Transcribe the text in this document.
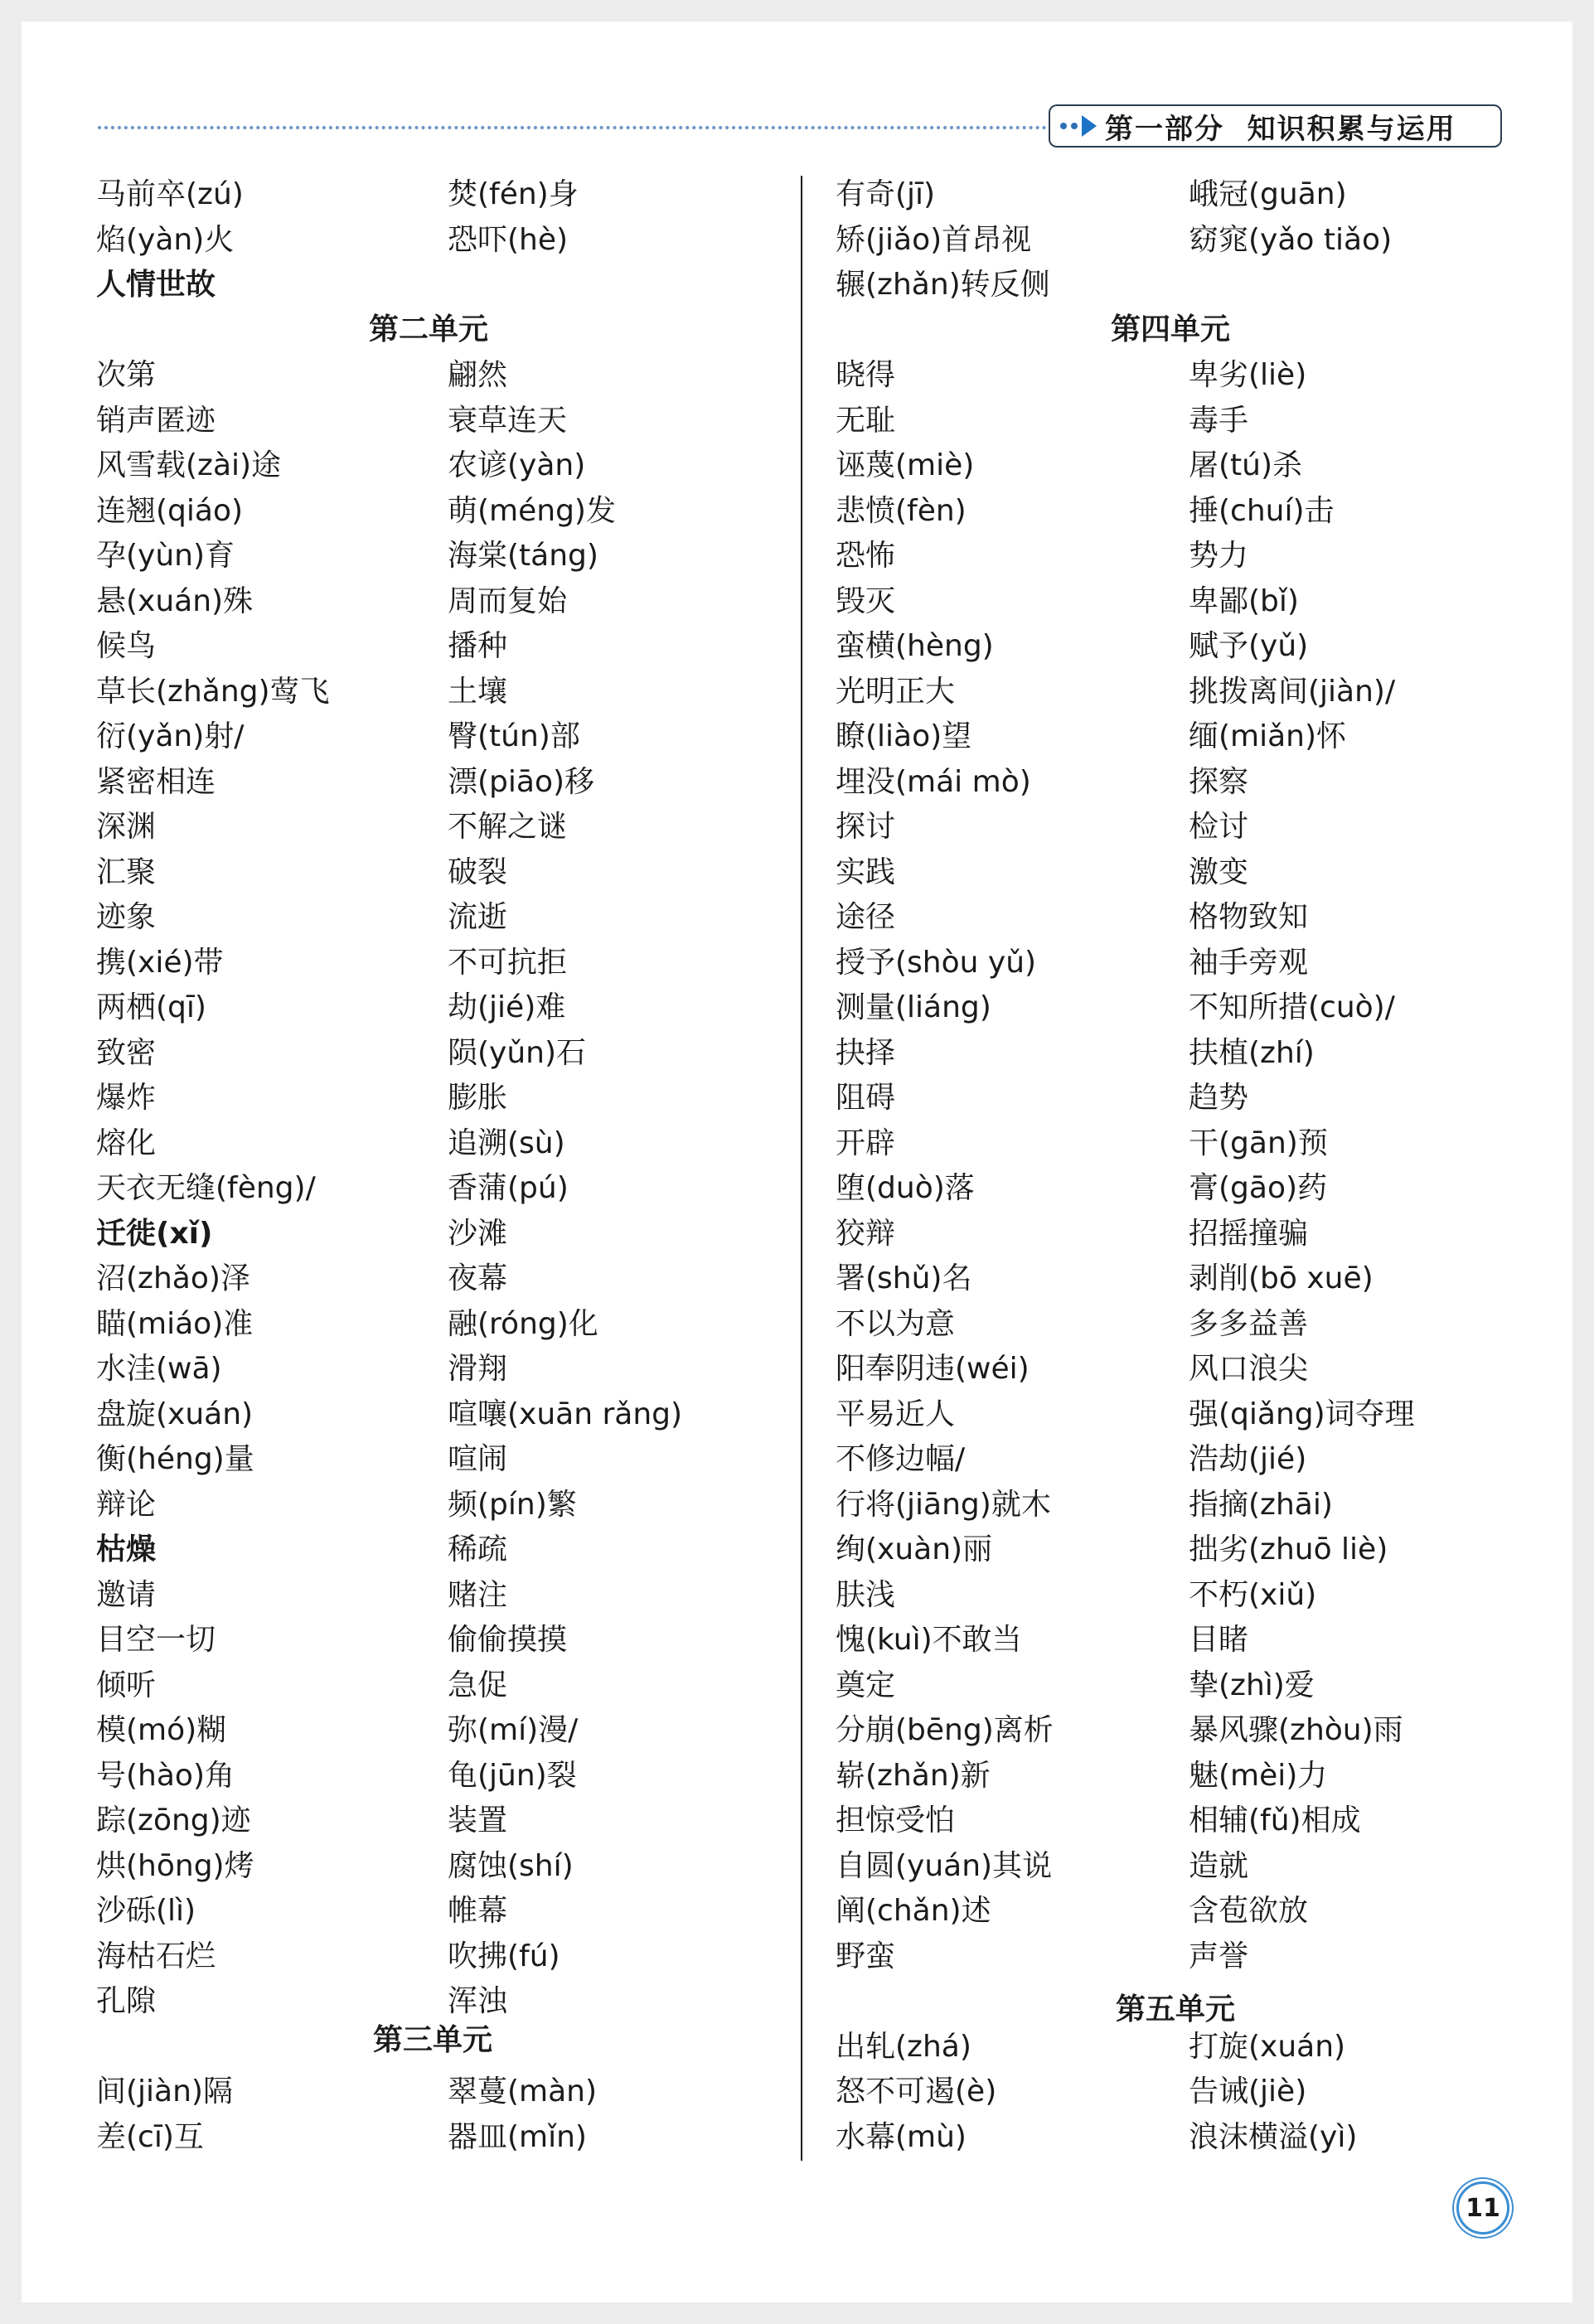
第一部分  知识积累与运用
马前卒(zú)
焰(yàn)火
人情世故
次第
销声匿迹
风雪载(zài)途
连翘(qiáo)
孕(yùn)育
悬(xuán)殊
候鸟
草长(zhǎng)莺飞
衍(yǎn)射/
紧密相连
深渊
汇聚
迹象
携(xié)带
两栖(qī)
致密
爆炸
熔化
天衣无缝(fèng)/
迁徙(xǐ)
沼(zhǎo)泽
瞄(miáo)准
水洼(wā)
盘旋(xuán)
衡(héng)量
辩论
枯燥
邀请
目空一切
倾听
模(mó)糊
号(hào)角
踪(zōng)迹
烘(hōng)烤
沙砾(lì)
海枯石烂
孔隙
间(jiàn)隔
差(cī)互
焚(fén)身
恐吓(hè)
翩然
衰草连天
农谚(yàn)
萌(méng)发
海棠(táng)
周而复始
播种
土壤
臀(tún)部
漂(piāo)移
不解之谜
破裂
流逝
不可抗拒
劫(jié)难
陨(yǔn)石
膨胀
追溯(sù)
香蒲(pú)
沙滩
夜幕
融(róng)化
滑翔
喧嚷(xuān rǎng)
喧闹
频(pín)繁
稀疏
赌注
偷偷摸摸
急促
弥(mí)漫/
龟(jūn)裂
装置
腐蚀(shí)
帷幕
吹拂(fú)
浑浊
翠蔓(màn)
器皿(mǐn)
有奇(jī)
矫(jiǎo)首昂视
辗(zhǎn)转反侧
晓得
无耻
诬蔑(miè)
悲愤(fèn)
恐怖
毁灭
蛮横(hèng)
光明正大
瞭(liào)望
埋没(mái mò)
探讨
实践
途径
授予(shòu yǔ)
测量(liáng)
抉择
阻碍
开辟
堕(duò)落
狡辩
署(shǔ)名
不以为意
阳奉阴违(wéi)
平易近人
不修边幅/
行将(jiāng)就木
绚(xuàn)丽
肤浅
愧(kuì)不敢当
奠定
分崩(bēng)离析
崭(zhǎn)新
担惊受怕
自圆(yuán)其说
阐(chǎn)述
野蛮
出轧(zhá)
怒不可遏(è)
水幕(mù)
峨冠(guān)
窈窕(yǎo tiǎo)
卑劣(liè)
毒手
屠(tú)杀
捶(chuí)击
势力
卑鄙(bǐ)
赋予(yǔ)
挑拨离间(jiàn)/
缅(miǎn)怀
探察
检讨
激变
格物致知
袖手旁观
不知所措(cuò)/
扶植(zhí)
趋势
干(gān)预
膏(gāo)药
招摇撞骗
剥削(bō xuē)
多多益善
风口浪尖
强(qiǎng)词夺理
浩劫(jié)
指摘(zhāi)
拙劣(zhuō liè)
不朽(xiǔ)
目睹
挚(zhì)爱
暴风骤(zhòu)雨
魅(mèi)力
相辅(fǔ)相成
造就
含苞欲放
声誉
打旋(xuán)
告诫(jiè)
浪沫横溢(yì)
第二单元
第三单元
第四单元
第五单元
11
